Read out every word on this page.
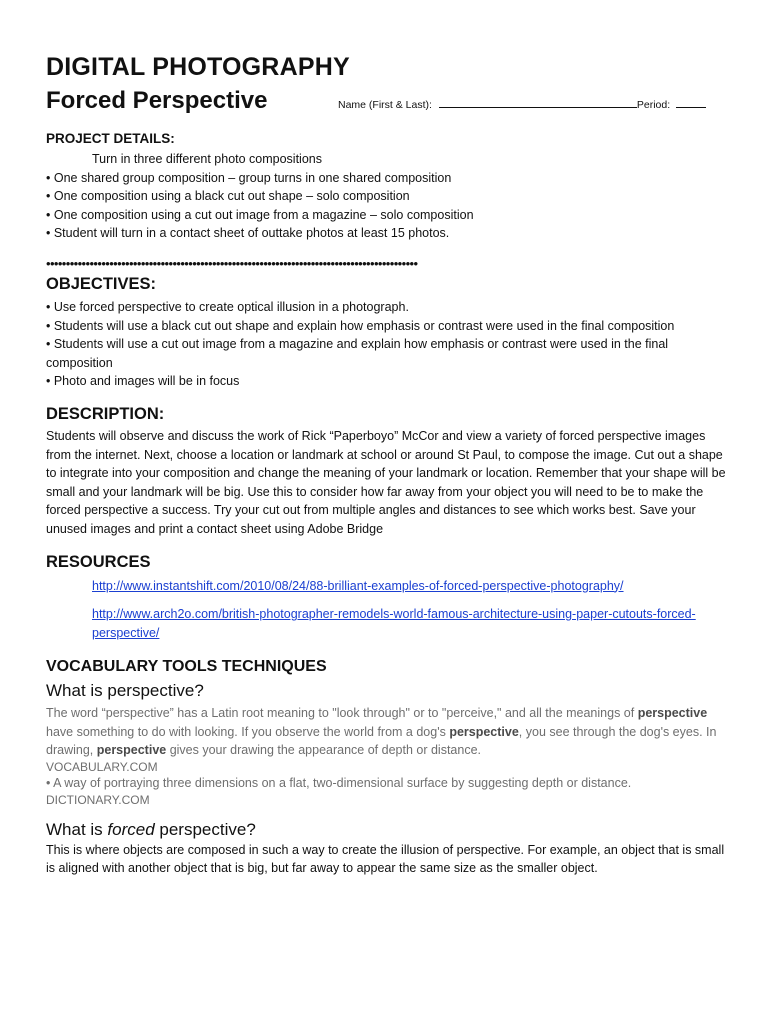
DIGITAL PHOTOGRAPHY
Forced Perspective	Name (First & Last):	Period:
PROJECT DETAILS:

Turn in three different photo compositions

• One shared group composition – group turns in one shared composition
• One composition using a black cut out shape – solo composition
• One composition using a cut out image from a magazine – solo composition
• Student will turn in a contact sheet of outtake photos at least 15 photos.
••••••••••••••••••••••••••••••••••••••••••••••••••••••••••••••••••••••••••••••••••••••••••••••
OBJECTIVES:
• Use forced perspective to create optical illusion in a photograph.
• Students will use a black cut out shape and explain how emphasis or contrast were used in the final composition
• Students will use a cut out image from a magazine and explain how emphasis or contrast were used in the final composition
• Photo and images will be in focus
DESCRIPTION:

Students will observe and discuss the work of Rick “Paperboyo” McCor and view a variety of forced perspective images from the internet. Next, choose a location or landmark at school or around St Paul, to compose the image. Cut out a shape to integrate into your composition and change the meaning of your landmark or location. Remember that your shape will be small and your landmark will be big. Use this to consider how far away from your object you will need to be to make the forced perspective a success. Try your cut out from multiple angles and distances to see which works best. Save your unused images and print a contact sheet using Adobe Bridge

RESOURCES

http://www.instantshift.com/2010/08/24/88-brilliant-examples-of-forced-perspective-photography/

http://www.arch2o.com/british-photographer-remodels-world-famous-architecture-using-paper-cutouts-forced-perspective/

VOCABULARY TOOLS TECHNIQUES
What is perspective?

The word “perspective” has a Latin root meaning to "look through" or to "perceive," and all the meanings of perspective have something to do with looking. If you observe the world from a dog's perspective, you see through the dog's eyes. In drawing, perspective gives your drawing the appearance of depth or distance.

VOCABULARY.COM

• A way of portraying three dimensions on a flat, two-dimensional surface by suggesting depth or distance.

DICTIONARY.COM
What is forced perspective?

This is where objects are composed in such a way to create the illusion of perspective. For example, an object that is small is aligned with another object that is big, but far away to appear the same size as the smaller object.
